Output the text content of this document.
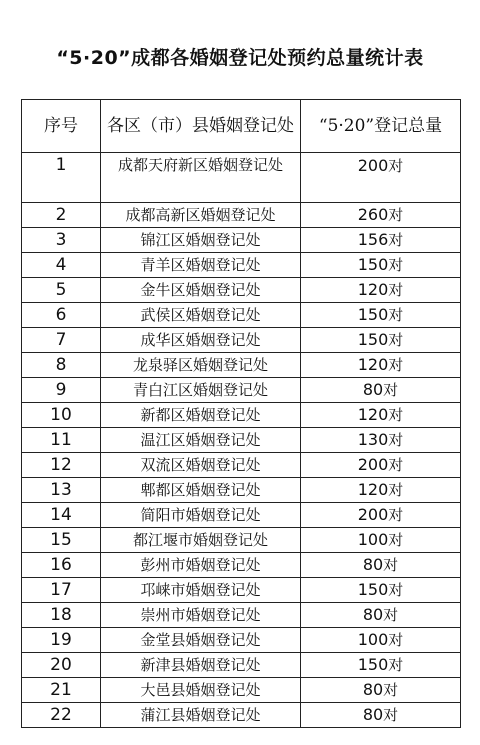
“5·20”成都各婚姻登记处预约总量统计表
序号	各区（市）县婚姻登记处	“5·20”登记总量
1	成都天府新区婚姻登记处	200对
2	成都高新区婚姻登记处	260对
3	锦江区婚姻登记处	156对
4	青羊区婚姻登记处	150对
5	金牛区婚姻登记处	120对
6	武侯区婚姻登记处	150对
7	成华区婚姻登记处	150对
8	龙泉驿区婚姻登记处	120对
9	青白江区婚姻登记处	80对
10	新都区婚姻登记处	120对
11	温江区婚姻登记处	130对
12	双流区婚姻登记处	200对
13	郫都区婚姻登记处	120对
14	简阳市婚姻登记处	200对
15	都江堰市婚姻登记处	100对
16	彭州市婚姻登记处	80对
17	邛崃市婚姻登记处	150对
18	崇州市婚姻登记处	80对
19	金堂县婚姻登记处	100对
20	新津县婚姻登记处	150对
21	大邑县婚姻登记处	80对
22	蒲江县婚姻登记处	80对
